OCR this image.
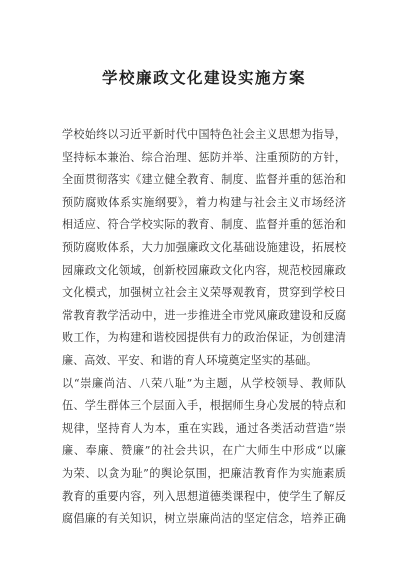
学校廉政文化建设实施方案
学校始终以习近平新时代中国特色社会主义思想为指导，
坚持标本兼治、综合治理、惩防并举、注重预防的方针，
全面贯彻落实《建立健全教育、制度、监督并重的惩治和
预防腐败体系实施纲要》，着力构建与社会主义市场经济
相适应、符合学校实际的教育、制度、监督并重的惩治和
预防腐败体系，大力加强廉政文化基础设施建设，拓展校
园廉政文化领域，创新校园廉政文化内容，规范校园廉政
文化模式，加强树立社会主义荣辱观教育，贯穿到学校日
常教育教学活动中，进一步推进全市党风廉政建设和反腐
败工作，为构建和谐校园提供有力的政治保证，为创建清
廉、高效、平安、和谐的育人环境奠定坚实的基础。
以“崇廉尚洁、八荣八耻”为主题，从学校领导、教师队
伍、学生群体三个层面入手，根据师生身心发展的特点和
规律，坚持育人为本，重在实践，通过各类活动营造“崇
廉、奉廉、赞廉”的社会共识，在广大师生中形成“以廉
为荣、以贪为耻”的舆论氛围，把廉洁教育作为实施素质
教育的重要内容，列入思想道德类课程中，使学生了解反
腐倡廉的有关知识，树立崇廉尚洁的坚定信念，培养正确
